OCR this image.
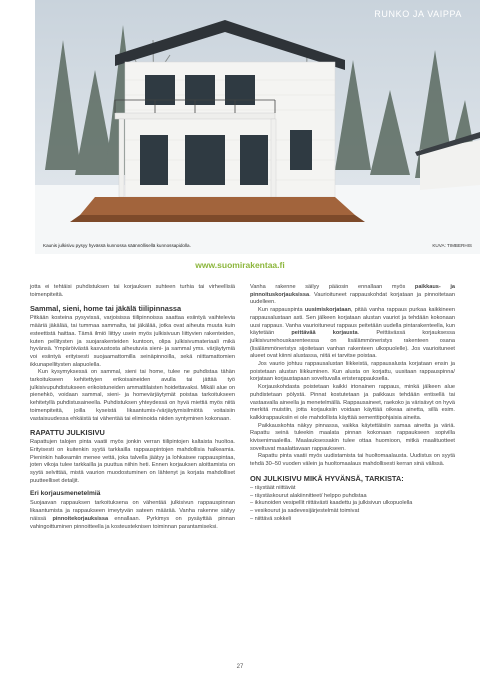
RUNKO JA VAIPPA
Kaunis julkisivu pysyy hyvässä kunnossa säännöllisellä kunnossapidolla.	KUVA: TIMBERHIS
www.suomirakentaa.fi

jotta ei tehtäisi puhdistuksen tai korjauksen suhteen turhia tai virheellisiä toimenpiteitä.

Sammal, sieni, home tai jäkälä tiilipinnassa

Pitkään kosteina pysyvissä, varjoisissa tiilipinnoissa saattaa esiintyä vaihtelevia määriä jäkälää, tai tummaa sammalta, tai jäkälää, jotka ovat aiheuta muuta kuin esteettistä haittaa. Tämä ilmiö liittyy usein myös julkisivuun liittyvien rakenteiden, kuten pellitysten ja suojarakenteiden kuntoon, olipa julkisivumateriaali mikä hyvänsä. Ympäröivästä kasvustosta aiheutuvia sieni- ja sammal yms. värjäytymiä voi esiintyä erityisesti suojaamattomilla seinäpinnoilla, sekä niittamattomien ikkunapellitysten alapuolella.

Kun kysymyksessä on sammal, sieni tai home, tulee ne puhdistaa tähän tarkoitukseen kehitettyjen erikoisaineiden avulla tai jättää työ julkisivupuhdistukseen erikoistuneiden ammattilaisten hoidettavaksi. Mikäli alue on pienehkö, voidaan sammal, sieni- ja homevärjäytymät poistaa tarkoitukseen kehitetyllä puhdistusaineella. Puhdistuksen yhteydessä on hyvä miettiä myös niitä toimenpiteitä, joilla kyseistä likaantumis-/värjäytymisilmiötä voitaisiin vastaisuudessa ehkäistä tai vähentää tai eliminoida niiden syntyminen kokonaan.

RAPATTU JULKISIVU

Rapattujen talojen pinta vaatii myös jonkin verran tiilipintojen kaltaista huoltoa. Erityisesti on kuitenkin syytä tarkkailla rappauspintojen mahdollisia halkeamia. Pieninkin halkeamiin menee vettä, joka talvella jäätyy ja lohkaisee rappauspintaa, joten vikoja tulee tarkkailla ja puuttua niihin heti. Ennen korjauksen aloittamista on syytä selvittää, mistä vaurion muodostuminen on lähtenyt ja korjata mahdolliset puutteelliset detaljit.

Eri korjausmenetelmiä

Suojaavan rappauksen tarkoituksena on vähentää julkisivun rappauspinnan likaantumista ja rappaukseen imeytyvän sateen määrää. Vanha rakenne säilyy näissä pinnoitekorjauksissa ennallaan. Pyrkimys on pysäyttää pinnan vahingoittuminen pinnoitteella ja kosteusteknisen toiminnan parantamiseksi.

Vanha rakenne säilyy pääosin ennallaan myös paikkaus- ja pinnoituskorjauksissa. Vaurioituneet rappauskohdat korjataan ja pinnoitetaan uudelleen.

Kun rappauspinta uusimiskorjataan, pitää vanha rappaus purkaa kaikkineen rappausalustaan asti. Sen jälkeen korjataan alustan vauriot ja tehdään kokonaan uusi rappaus. Vanha vaurioituneut rappaus peitetään uudella pintarakenteella, kun käytetään peittävää korjausta. Peittävässä korjauksessa julkisivurrehouskarenteessa on lisälämmöneristys rakenteen osana (lisälämmöneristys sijoitetaan vanhan rakenteen ulkopuolelle). Jos vaurioituneet alueet ovat kiinni alustassa, niitä ei tarvitse poistaa.

Jos vaurio johtuu rappausalustan liikkeistä, rappausalusta korjataan ensin ja poistetaan alustan liikkuminen. Kun alusta on korjattu, uusitaan rappauspinna/ korjataan korjaustapaan soveltuvalla eristerappauksella.

Korjauskohdasta poistetaan kaikki irtonainen rappaus, minkä jälkeen alue puhdistetaan pölystä. Pinnat kostutetaan ja paikkaus tehdään entisellä tai vastaavalla aineella ja menetelmällä. Rappausaineet, raekoko ja värisävyt on hyvä merkitä muistiin, jotta korjauksiin voidaan käyttää oikeaa ainetta, sillä esim. kalkkirappauksiin ei ole mahdollista käyttää sementtipohjaisia aineita.

Paikkauskohta näkyy pinnassa, vaikka käytettäisiin samaa ainetta ja väriä. Rapattu seinä tuleekin maalata pinnan kokonaan rappaukseen sopivilla kivisenimaaleilla. Maalauksessakin tulee ottaa huomioon, mitkä maalituotteet soveltuvat maalattavaan rappaukseen.

Rapattu pinta vaatii myös uudistamista tai huoltomaalausta. Uudistus on syytä tehdä 30–50 vuoden välein ja huoltomaalaus mahdollisesti kerran sinä välissä.

ON JULKISIVU MIKÄ HYVÄNSÄ, TARKISTA:
– räystäät niittävät
– räystäskourut alakiinnitteet/ helppo puhdistaa
– ikkunoiden vesipellit riittävästi kaadettu ja julkisivun ulkopuolella
– vesikourut ja sadevesijärjestelmät toimivat
– niittävä sokkeli
27
